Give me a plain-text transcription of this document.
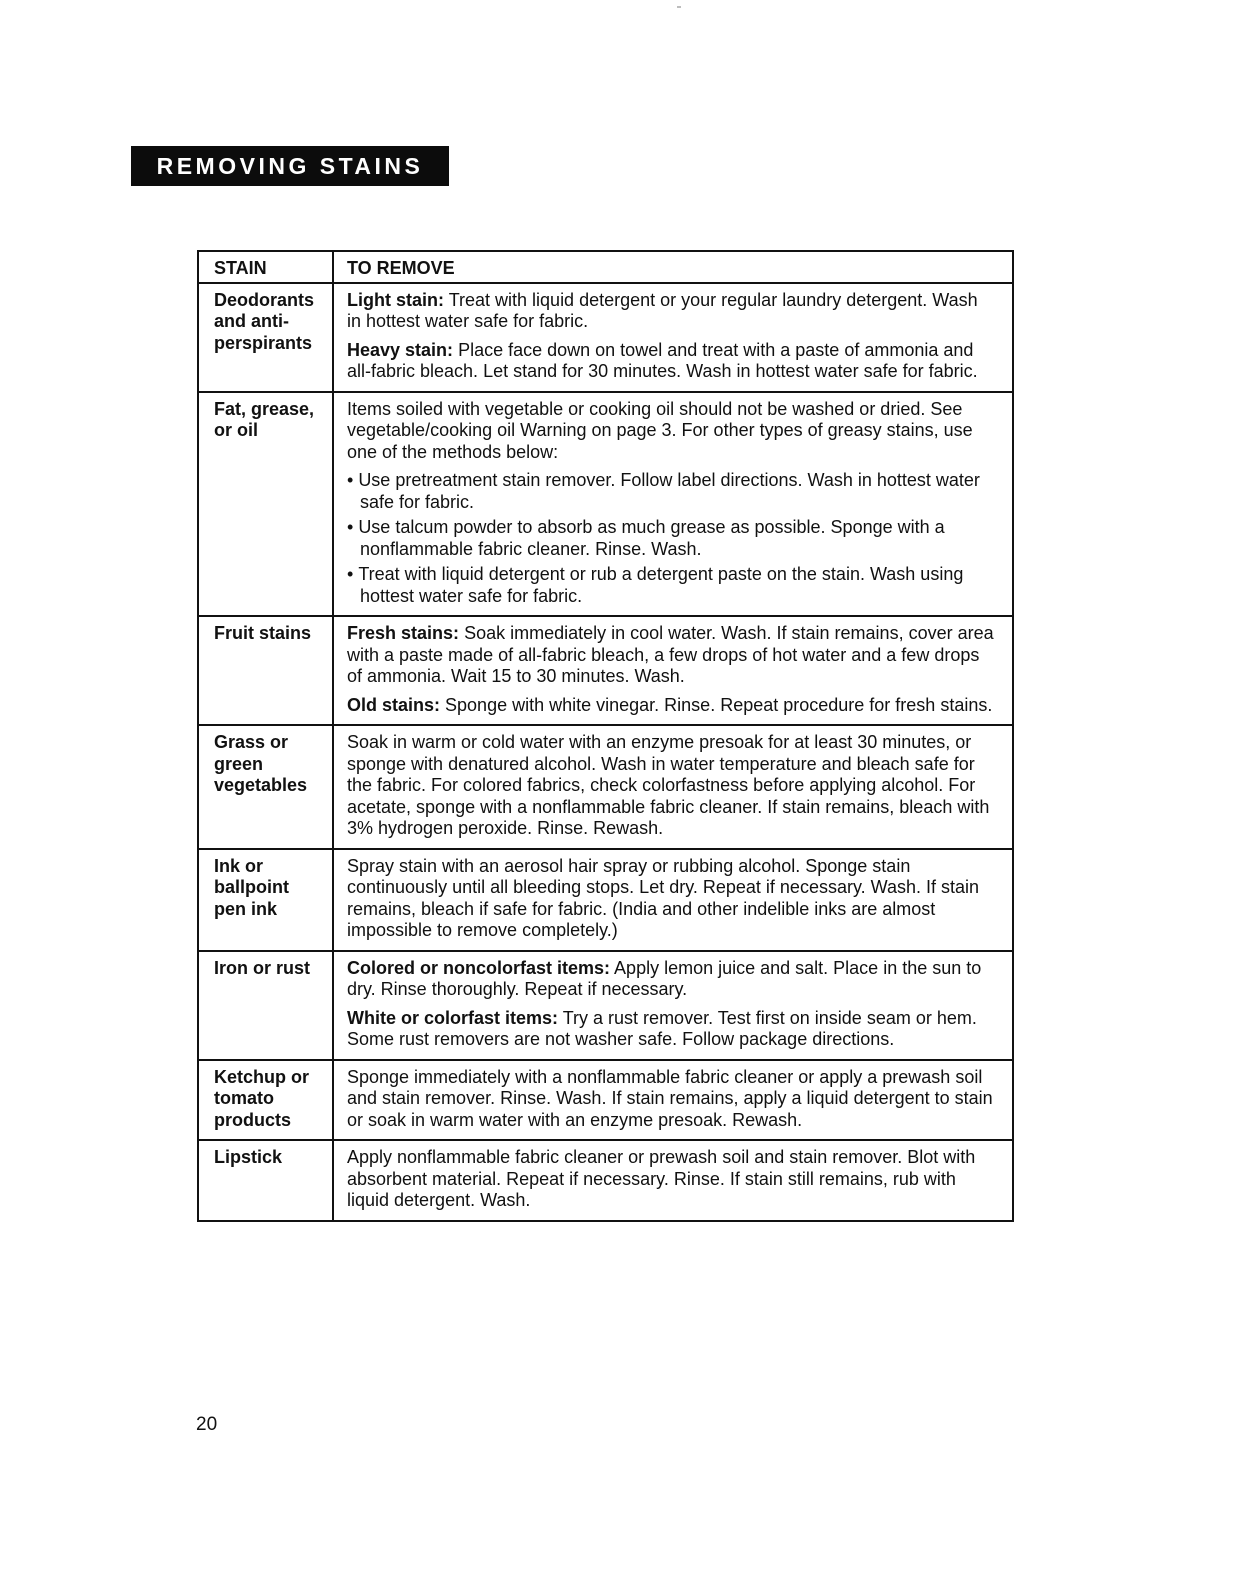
REMOVING STAINS
STAIN	TO REMOVE

Deodorants and anti-perspirants	Light stain: Treat with liquid detergent or your regular laundry detergent. Wash in hottest water safe for fabric.
Heavy stain: Place face down on towel and treat with a paste of ammonia and all-fabric bleach. Let stand for 30 minutes. Wash in hottest water safe for fabric.

Fat, grease, or oil	Items soiled with vegetable or cooking oil should not be washed or dried. See vegetable/cooking oil Warning on page 3. For other types of greasy stains, use one of the methods below:
• Use pretreatment stain remover. Follow label directions. Wash in hottest water safe for fabric.
• Use talcum powder to absorb as much grease as possible. Sponge with a nonflammable fabric cleaner. Rinse. Wash.
• Treat with liquid detergent or rub a detergent paste on the stain. Wash using hottest water safe for fabric.

Fruit stains	Fresh stains: Soak immediately in cool water. Wash. If stain remains, cover area with a paste made of all-fabric bleach, a few drops of hot water and a few drops of ammonia. Wait 15 to 30 minutes. Wash.
Old stains: Sponge with white vinegar. Rinse. Repeat procedure for fresh stains.

Grass or green vegetables	Soak in warm or cold water with an enzyme presoak for at least 30 minutes, or sponge with denatured alcohol. Wash in water temperature and bleach safe for the fabric. For colored fabrics, check colorfastness before applying alcohol. For acetate, sponge with a nonflammable fabric cleaner. If stain remains, bleach with 3% hydrogen peroxide. Rinse. Rewash.

Ink or ballpoint pen ink	Spray stain with an aerosol hair spray or rubbing alcohol. Sponge stain continuously until all bleeding stops. Let dry. Repeat if necessary. Wash. If stain remains, bleach if safe for fabric. (India and other indelible inks are almost impossible to remove completely.)

Iron or rust	Colored or noncolorfast items: Apply lemon juice and salt. Place in the sun to dry. Rinse thoroughly. Repeat if necessary.
White or colorfast items: Try a rust remover. Test first on inside seam or hem. Some rust removers are not washer safe. Follow package directions.

Ketchup or tomato products	Sponge immediately with a nonflammable fabric cleaner or apply a prewash soil and stain remover. Rinse. Wash. If stain remains, apply a liquid detergent to stain or soak in warm water with an enzyme presoak. Rewash.

Lipstick	Apply nonflammable fabric cleaner or prewash soil and stain remover. Blot with absorbent material. Repeat if necessary. Rinse. If stain still remains, rub with liquid detergent. Wash.
20
